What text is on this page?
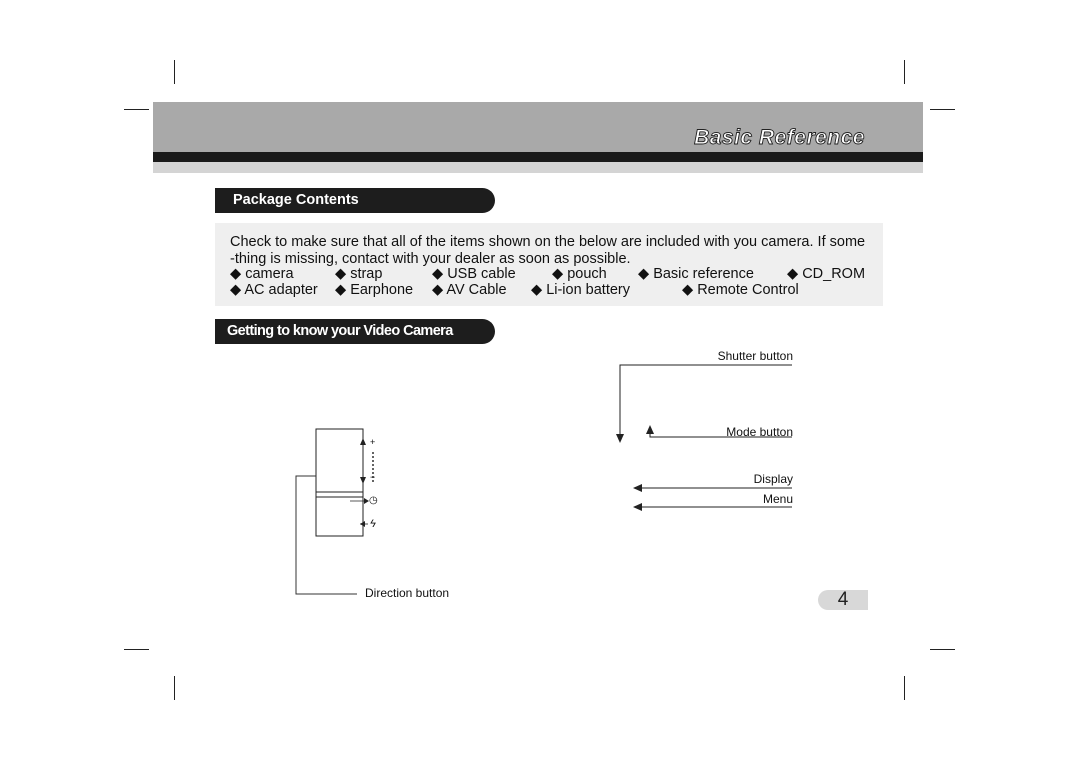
Basic Reference
Package Contents
Check to make sure that all of the items shown on the below are included with you camera. If some
-thing is missing, contact with your dealer as soon as possible.
◆ camera	◆ strap	◆ USB cable	◆ pouch ◆ Basic reference ◆ CD_ROM
◆ AC adapter ◆ Earphone ◆ AV Cable ◆ Li-ion battery	◆ Remote Control
Getting to know your Video Camera
+
−
◷
ϟ
Direction button
Shutter button
Mode button
Display
Menu
4
